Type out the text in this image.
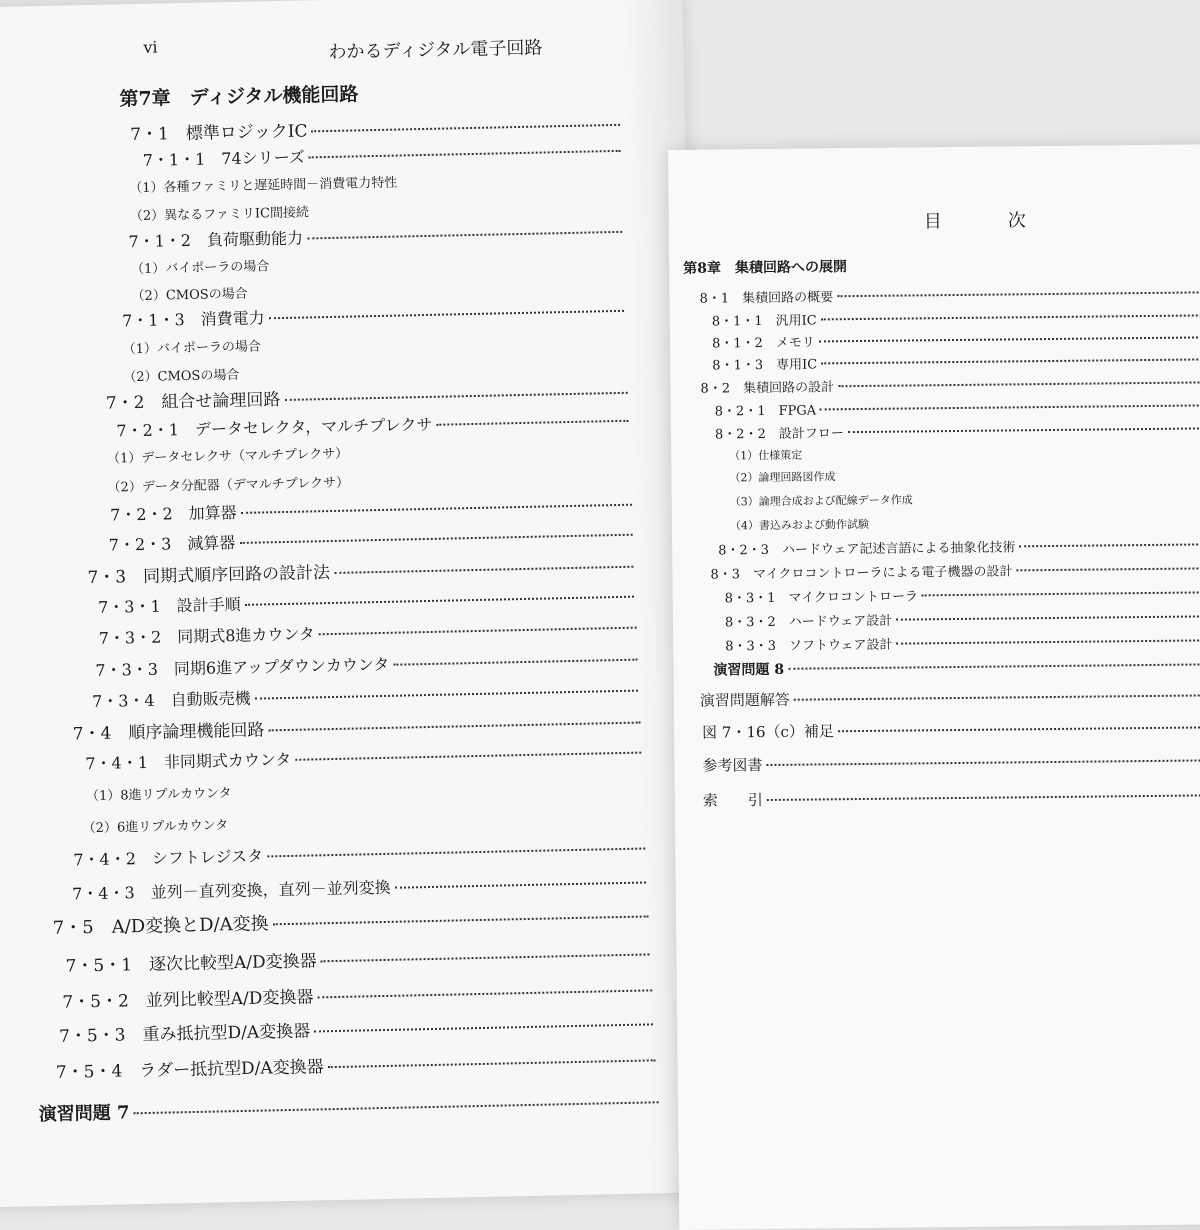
vi	わかるディジタル電子回路
第7章　ディジタル機能回路
7・1　標準ロジックIC
7・1・1　74シリーズ
（1）各種ファミリと遅延時間－消費電力特性
（2）異なるファミリIC間接続
7・1・2　負荷駆動能力
（1）バイポーラの場合
（2）CMOSの場合
7・1・3　消費電力
（1）バイポーラの場合
（2）CMOSの場合
7・2　組合せ論理回路
7・2・1　データセレクタ，マルチプレクサ
（1）データセレクサ（マルチプレクサ）
（2）データ分配器（デマルチプレクサ）
7・2・2　加算器
7・2・3　減算器
7・3　同期式順序回路の設計法
7・3・1　設計手順
7・3・2　同期式8進カウンタ
7・3・3　同期6進アップダウンカウンタ
7・3・4　自動販売機
7・4　順序論理機能回路
7・4・1　非同期式カウンタ
（1）8進リプルカウンタ
（2）6進リプルカウンタ
7・4・2　シフトレジスタ
7・4・3　並列－直列変換，直列－並列変換
7・5　A/D変換とD/A変換
7・5・1　逐次比較型A/D変換器
7・5・2　並列比較型A/D変換器
7・5・3　重み抵抗型D/A変換器
7・5・4　ラダー抵抗型D/A変換器
演習問題 7
目　次
第8章　集積回路への展開
8・1　集積回路の概要
8・1・1　汎用IC
8・1・2　メモリ
8・1・3　専用IC
8・2　集積回路の設計
8・2・1　FPGA
8・2・2　設計フロー
（1）仕様策定
（2）論理回路図作成
（3）論理合成および配線データ作成
（4）書込みおよび動作試験
8・2・3　ハードウェア記述言語による抽象化技術
8・3　マイクロコントローラによる電子機器の設計
8・3・1　マイクロコントローラ
8・3・2　ハードウェア設計
8・3・3　ソフトウェア設計
演習問題 8
演習問題解答
図 7・16（c）補足
参考図書
索　　引
